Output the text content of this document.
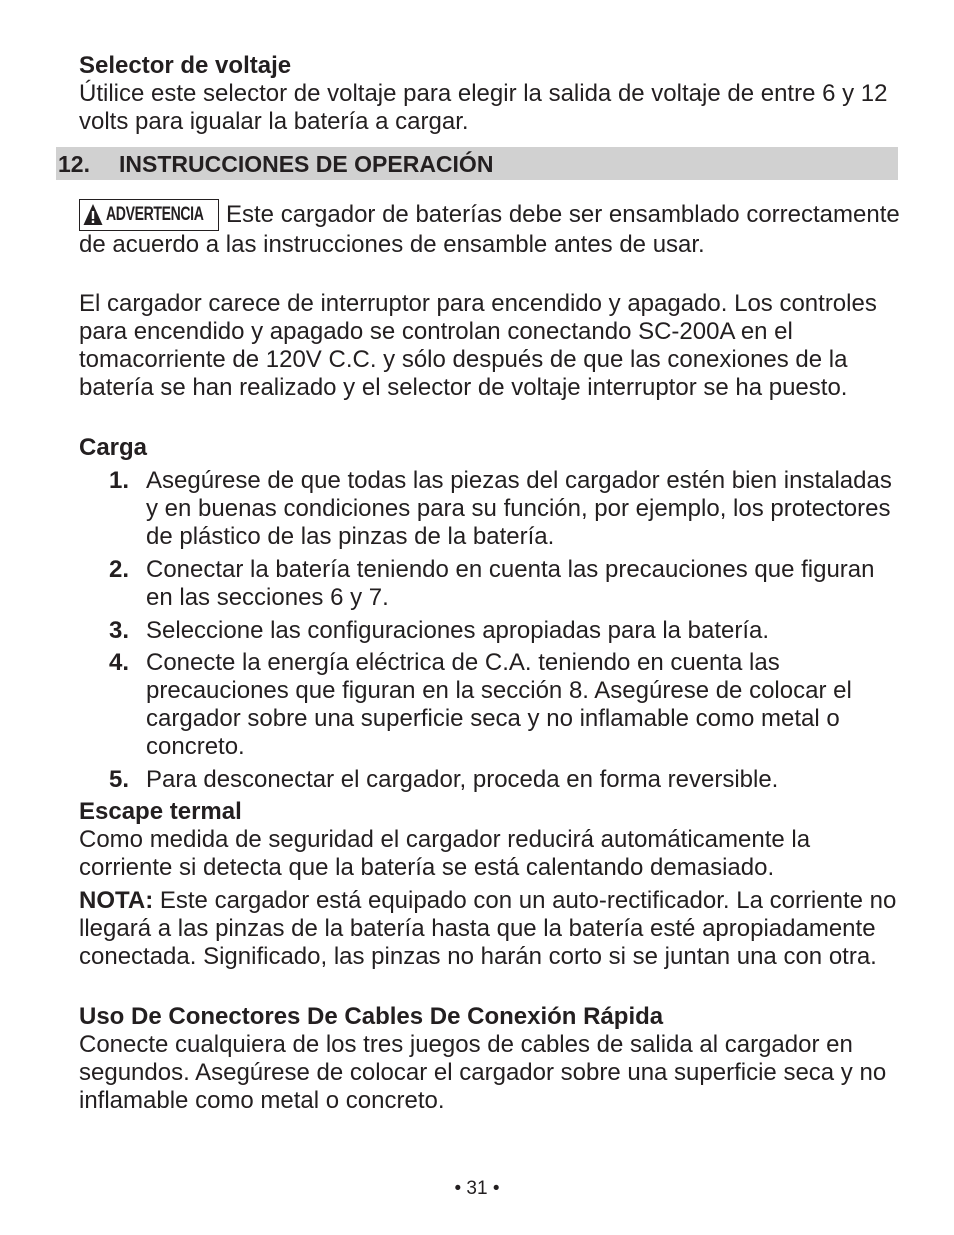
Selector de voltaje

Útilice este selector de voltaje para elegir la salida de voltaje de entre 6 y 12 volts para igualar la batería a cargar.

12. INSTRUCCIONES DE OPERACIÓN

ADVERTENCIA Este cargador de baterías debe ser ensamblado correctamente de acuerdo a las instrucciones de ensamble antes de usar.

El cargador carece de interruptor para encendido y apagado. Los controles para encendido y apagado se controlan conectando SC-200A en el tomacorriente de 120V C.C. y sólo después de que las conexiones de la batería se han realizado y el selector de voltaje interruptor se ha puesto.

Carga

1. Asegúrese de que todas las piezas del cargador estén bien instaladas y en buenas condiciones para su función, por ejemplo, los protectores de plástico de las pinzas de la batería.
2. Conectar la batería teniendo en cuenta las precauciones que figuran en las secciones 6 y 7.
3. Seleccione las configuraciones apropiadas para la batería.
4. Conecte la energía eléctrica de C.A. teniendo en cuenta las precauciones que figuran en la sección 8. Asegúrese de colocar el cargador sobre una superficie seca y no inflamable como metal o concreto.
5. Para desconectar el cargador, proceda en forma reversible.

Escape termal

Como medida de seguridad el cargador reducirá automáticamente la corriente si detecta que la batería se está calentando demasiado.

NOTA: Este cargador está equipado con un auto-rectificador. La corriente no llegará a las pinzas de la batería hasta que la batería esté apropiadamente conectada. Significado, las pinzas no harán corto si se juntan una con otra.

Uso De Conectores De Cables De Conexión Rápida

Conecte cualquiera de los tres juegos de cables de salida al cargador en segundos. Asegúrese de colocar el cargador sobre una superficie seca y no inflamable como metal o concreto.

• 31 •
